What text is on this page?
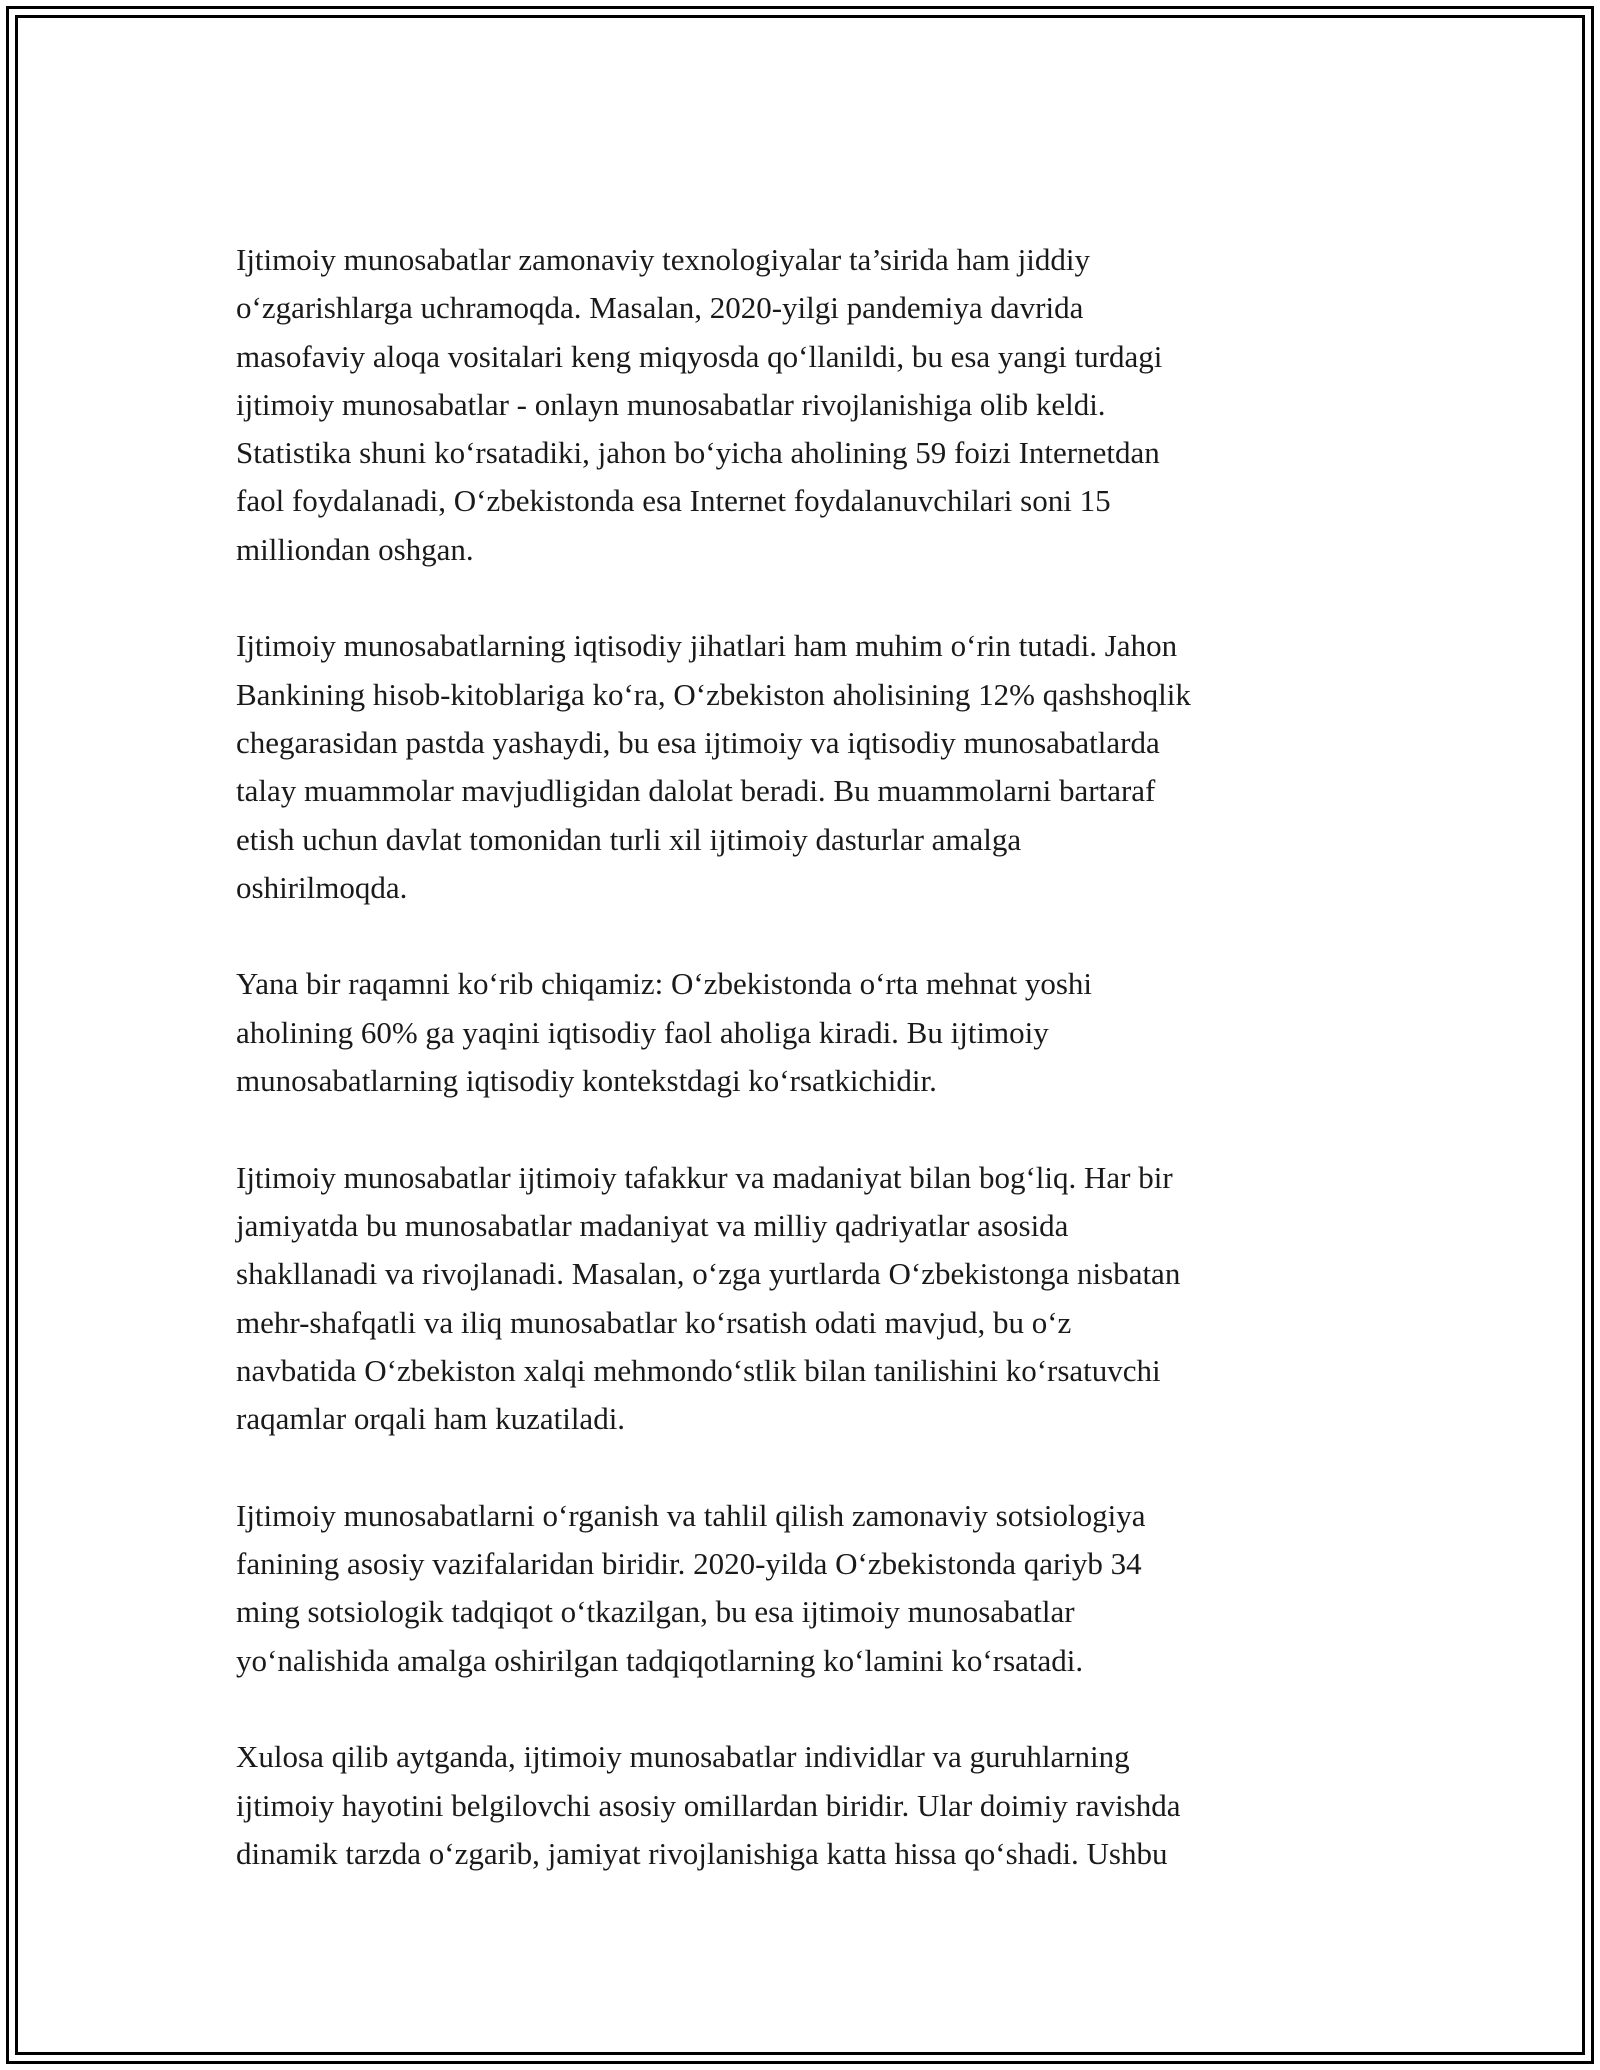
Ijtimoiy munosabatlar zamonaviy texnologiyalar ta’sirida ham jiddiy
o‘zgarishlarga uchramoqda. Masalan, 2020-yilgi pandemiya davrida
masofaviy aloqa vositalari keng miqyosda qo‘llanildi, bu esa yangi turdagi
ijtimoiy munosabatlar - onlayn munosabatlar rivojlanishiga olib keldi.
Statistika shuni ko‘rsatadiki, jahon bo‘yicha aholining 59 foizi Internetdan
faol foydalanadi, O‘zbekistonda esa Internet foydalanuvchilari soni 15
milliondan oshgan.

Ijtimoiy munosabatlarning iqtisodiy jihatlari ham muhim o‘rin tutadi. Jahon
Bankining hisob-kitoblariga ko‘ra, O‘zbekiston aholisining 12% qashshoqlik
chegarasidan pastda yashaydi, bu esa ijtimoiy va iqtisodiy munosabatlarda
talay muammolar mavjudligidan dalolat beradi. Bu muammolarni bartaraf
etish uchun davlat tomonidan turli xil ijtimoiy dasturlar amalga
oshirilmoqda.

Yana bir raqamni ko‘rib chiqamiz: O‘zbekistonda o‘rta mehnat yoshi
aholining 60% ga yaqini iqtisodiy faol aholiga kiradi. Bu ijtimoiy
munosabatlarning iqtisodiy kontekstdagi ko‘rsatkichidir.

Ijtimoiy munosabatlar ijtimoiy tafakkur va madaniyat bilan bog‘liq. Har bir
jamiyatda bu munosabatlar madaniyat va milliy qadriyatlar asosida
shakllanadi va rivojlanadi. Masalan, o‘zga yurtlarda O‘zbekistonga nisbatan
mehr-shafqatli va iliq munosabatlar ko‘rsatish odati mavjud, bu o‘z
navbatida O‘zbekiston xalqi mehmondo‘stlik bilan tanilishini ko‘rsatuvchi
raqamlar orqali ham kuzatiladi.

Ijtimoiy munosabatlarni o‘rganish va tahlil qilish zamonaviy sotsiologiya
fanining asosiy vazifalaridan biridir. 2020-yilda O‘zbekistonda qariyb 34
ming sotsiologik tadqiqot o‘tkazilgan, bu esa ijtimoiy munosabatlar
yo‘nalishida amalga oshirilgan tadqiqotlarning ko‘lamini ko‘rsatadi.

Xulosa qilib aytganda, ijtimoiy munosabatlar individlar va guruhlarning
ijtimoiy hayotini belgilovchi asosiy omillardan biridir. Ular doimiy ravishda
dinamik tarzda o‘zgarib, jamiyat rivojlanishiga katta hissa qo‘shadi. Ushbu
